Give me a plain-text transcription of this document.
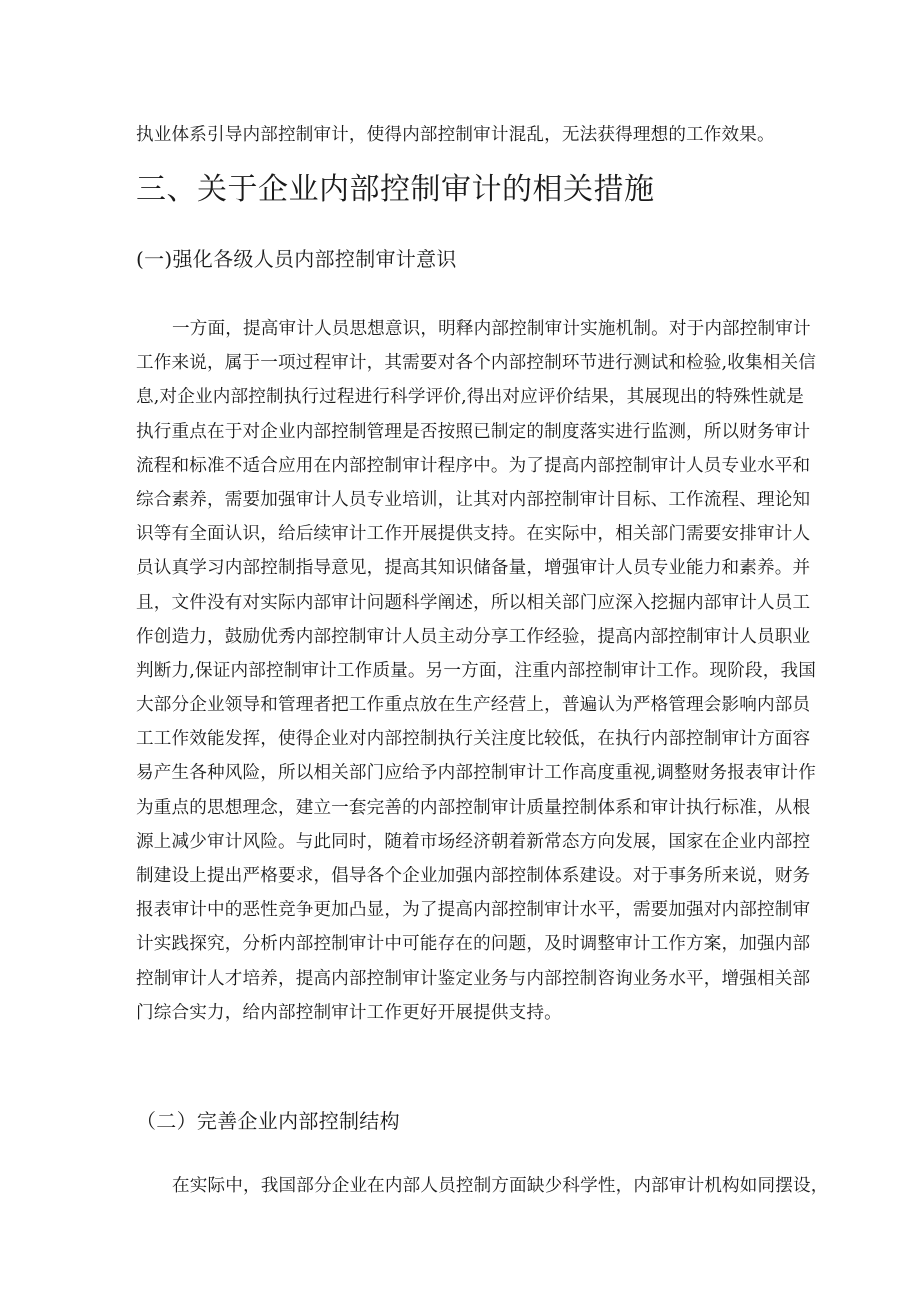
执业体系引导内部控制审计，使得内部控制审计混乱，无法获得理想的工作效果。
三、关于企业内部控制审计的相关措施
(一)强化各级人员内部控制审计意识
一方面，提高审计人员思想意识，明释内部控制审计实施机制。对于内部控制审计
工作来说，属于一项过程审计，其需要对各个内部控制环节进行测试和检验,收集相关信
息,对企业内部控制执行过程进行科学评价,得出对应评价结果，其展现出的特殊性就是
执行重点在于对企业内部控制管理是否按照已制定的制度落实进行监测，所以财务审计
流程和标准不适合应用在内部控制审计程序中。为了提高内部控制审计人员专业水平和
综合素养，需要加强审计人员专业培训，让其对内部控制审计目标、工作流程、理论知
识等有全面认识，给后续审计工作开展提供支持。在实际中，相关部门需要安排审计人
员认真学习内部控制指导意见，提高其知识储备量，增强审计人员专业能力和素养。并
且，文件没有对实际内部审计问题科学阐述，所以相关部门应深入挖掘内部审计人员工
作创造力，鼓励优秀内部控制审计人员主动分享工作经验，提高内部控制审计人员职业
判断力,保证内部控制审计工作质量。另一方面，注重内部控制审计工作。现阶段，我国
大部分企业领导和管理者把工作重点放在生产经营上，普遍认为严格管理会影响内部员
工工作效能发挥，使得企业对内部控制执行关注度比较低，在执行内部控制审计方面容
易产生各种风险，所以相关部门应给予内部控制审计工作高度重视,调整财务报表审计作
为重点的思想理念，建立一套完善的内部控制审计质量控制体系和审计执行标准，从根
源上减少审计风险。与此同时，随着市场经济朝着新常态方向发展，国家在企业内部控
制建设上提出严格要求，倡导各个企业加强内部控制体系建设。对于事务所来说，财务
报表审计中的恶性竞争更加凸显，为了提高内部控制审计水平，需要加强对内部控制审
计实践探究，分析内部控制审计中可能存在的问题，及时调整审计工作方案，加强内部
控制审计人才培养，提高内部控制审计鉴定业务与内部控制咨询业务水平，增强相关部
门综合实力，给内部控制审计工作更好开展提供支持。
（二）完善企业内部控制结构
在实际中，我国部分企业在内部人员控制方面缺少科学性，内部审计机构如同摆设，
